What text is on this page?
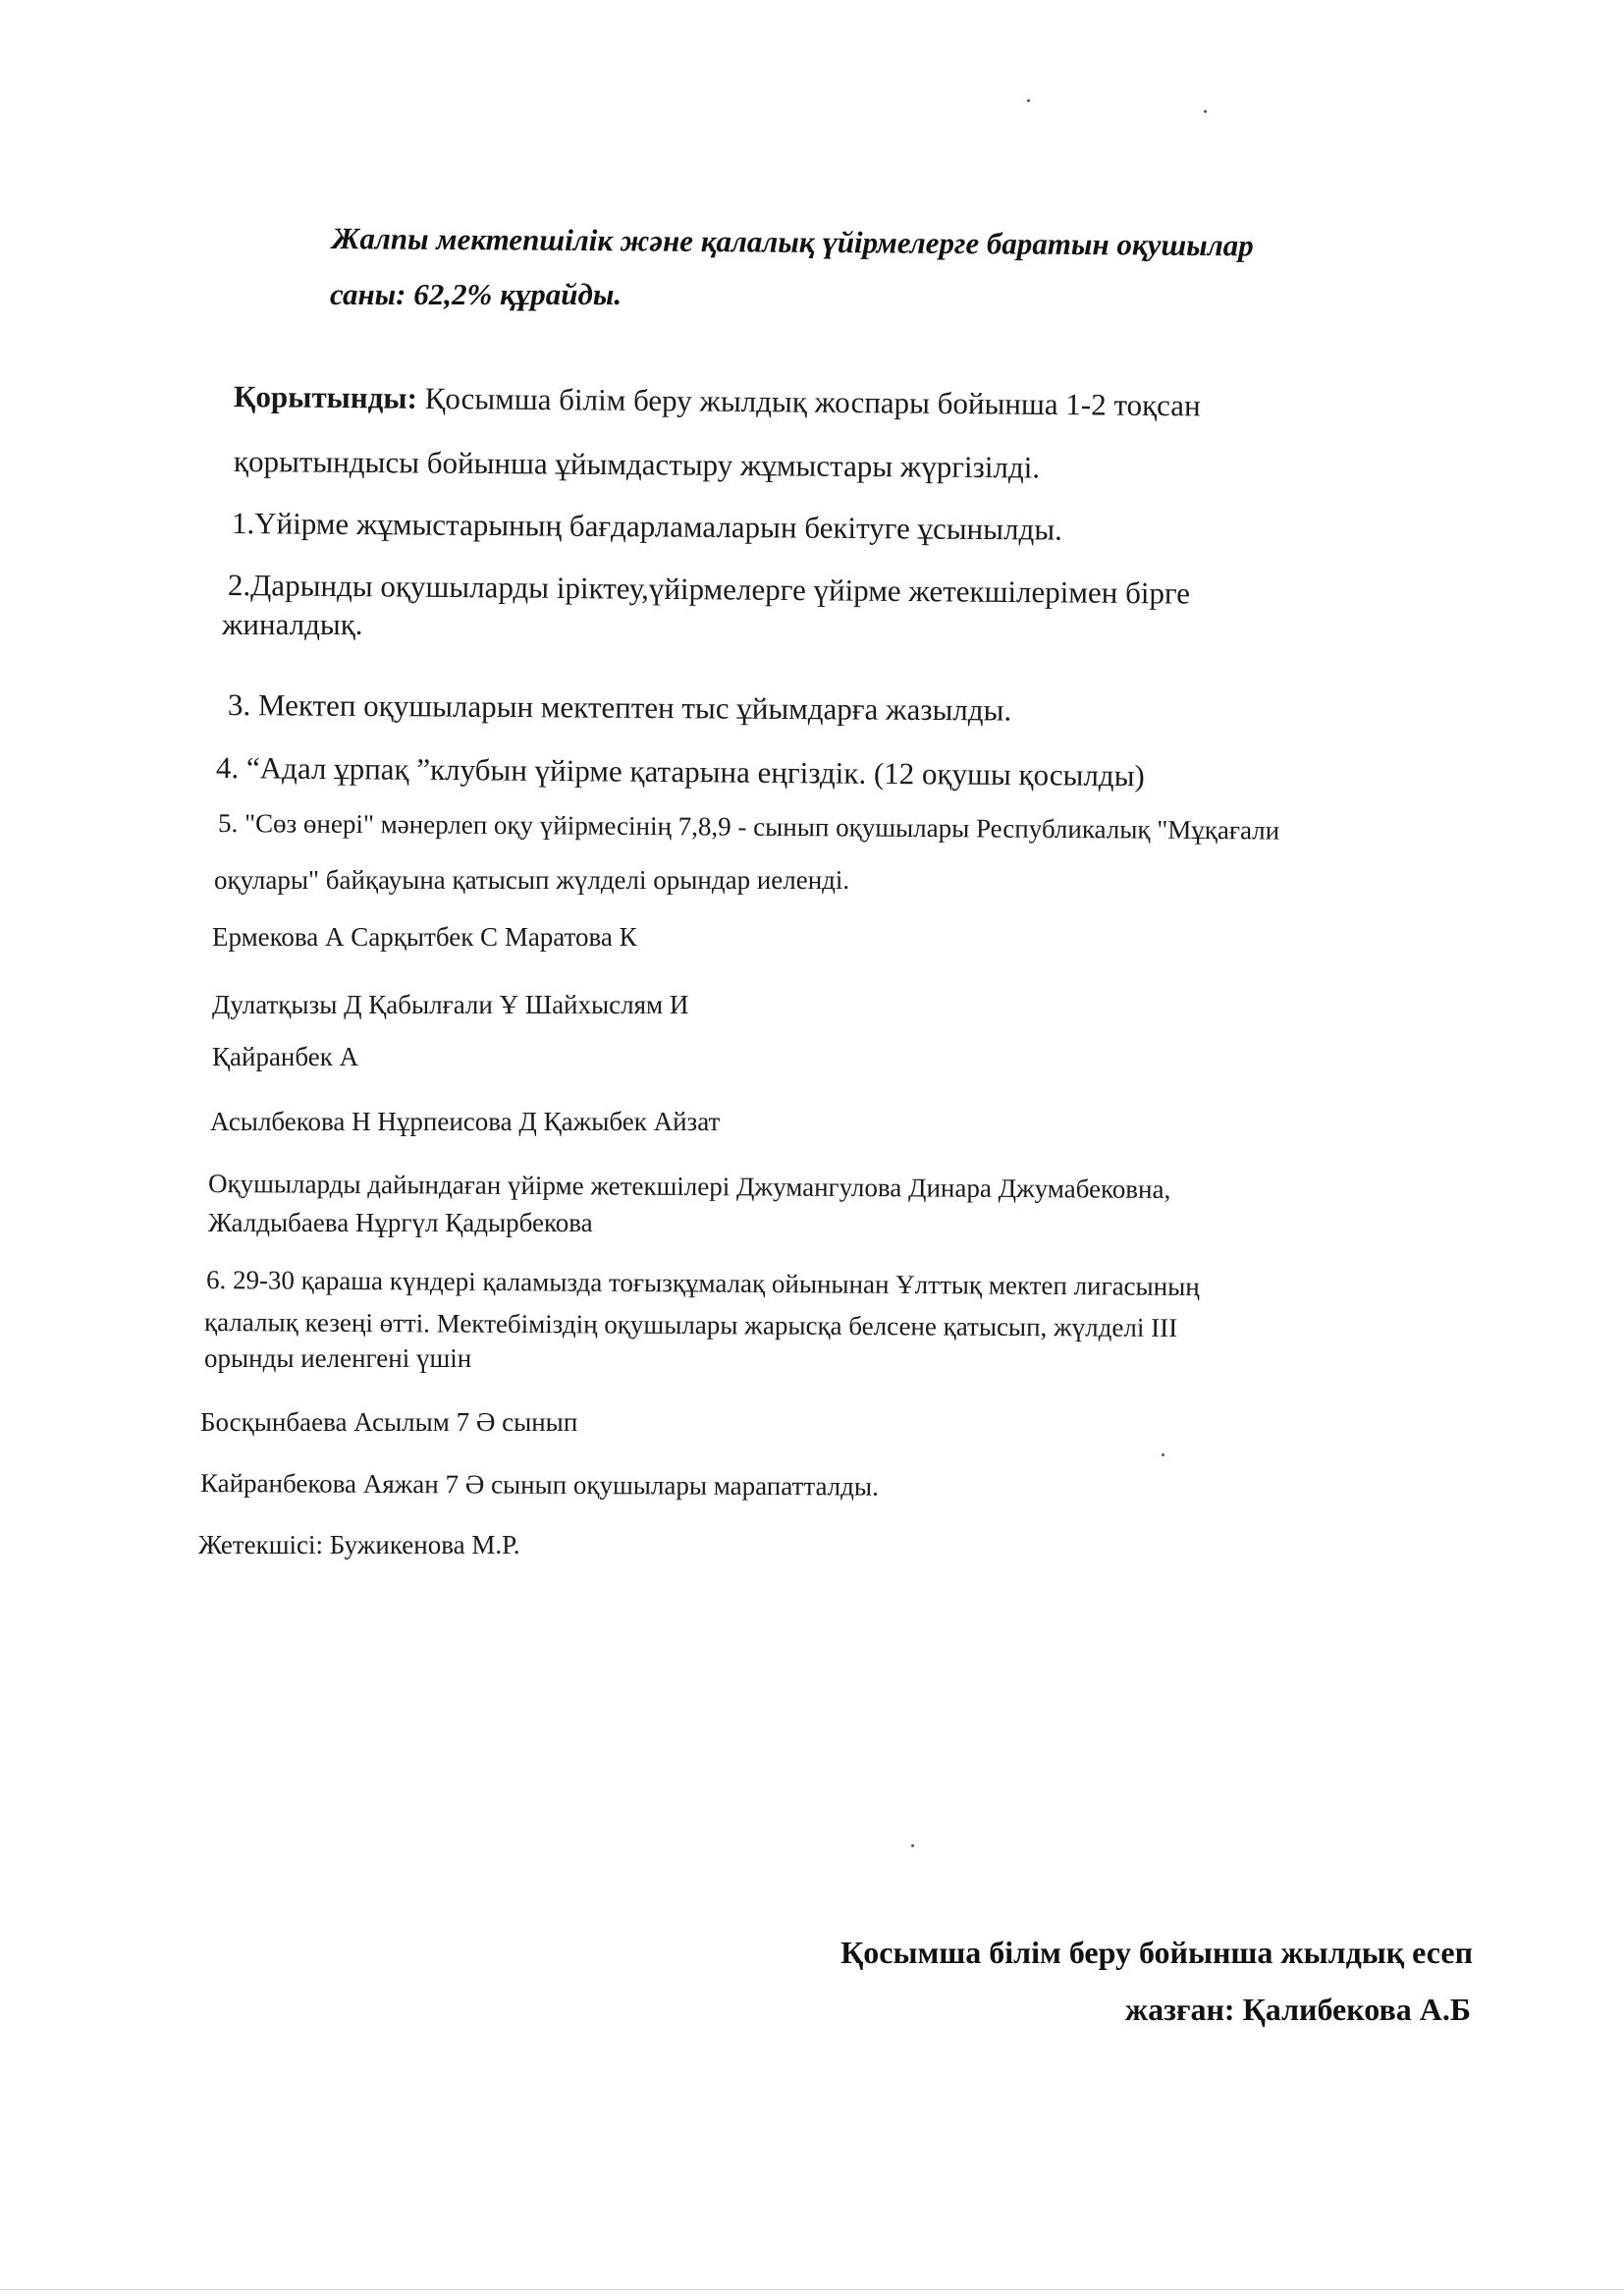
Жалпы мектепшілік және қалалық үйірмелерге баратын оқушылар
саны: 62,2% құрайды.
Қорытынды: Қосымша білім беру жылдық жоспары бойынша 1-2 тоқсан
қорытындысы бойынша ұйымдастыру жұмыстары жүргізілді.
1.Үйірме жұмыстарының бағдарламаларын бекітуге ұсынылды.
2.Дарынды оқушыларды іріктеу,үйірмелерге үйірме жетекшілерімен бірге
жиналдық.
3. Мектеп оқушыларын мектептен тыс ұйымдарға жазылды.
4. “Адал ұрпақ ”клубын үйірме қатарына еңгіздік. (12 оқушы қосылды)
5. "Сөз өнері" мәнерлеп оқу үйірмесінің 7,8,9 - сынып оқушылары Республикалық "Мұқағали
оқулары" байқауына қатысып жүлделі орындар иеленді.
Ермекова А Сарқытбек С Маратова К
Дулатқызы Д Қабылғали Ұ Шайхыслям И
Қайранбек А
Асылбекова Н Нұрпеисова Д Қажыбек Айзат
Оқушыларды дайындаған үйірме жетекшілері Джумангулова Динара Джумабековна,
Жалдыбаева Нұргүл Қадырбекова
6. 29-30 қараша күндері қаламызда тоғызқұмалақ ойынынан Ұлттық мектеп лигасының
қалалық кезеңі өтті. Мектебіміздің оқушылары жарысқа белсене қатысып, жүлделі ІІІ
орынды иеленгені үшін
Босқынбаева Асылым 7 Ә сынып
Кайранбекова Аяжан 7 Ә сынып оқушылары марапатталды.
Жетекшісі: Бужикенова М.Р.
Қосымша білім беру бойынша жылдық есеп
жазған: Қалибекова А.Б
